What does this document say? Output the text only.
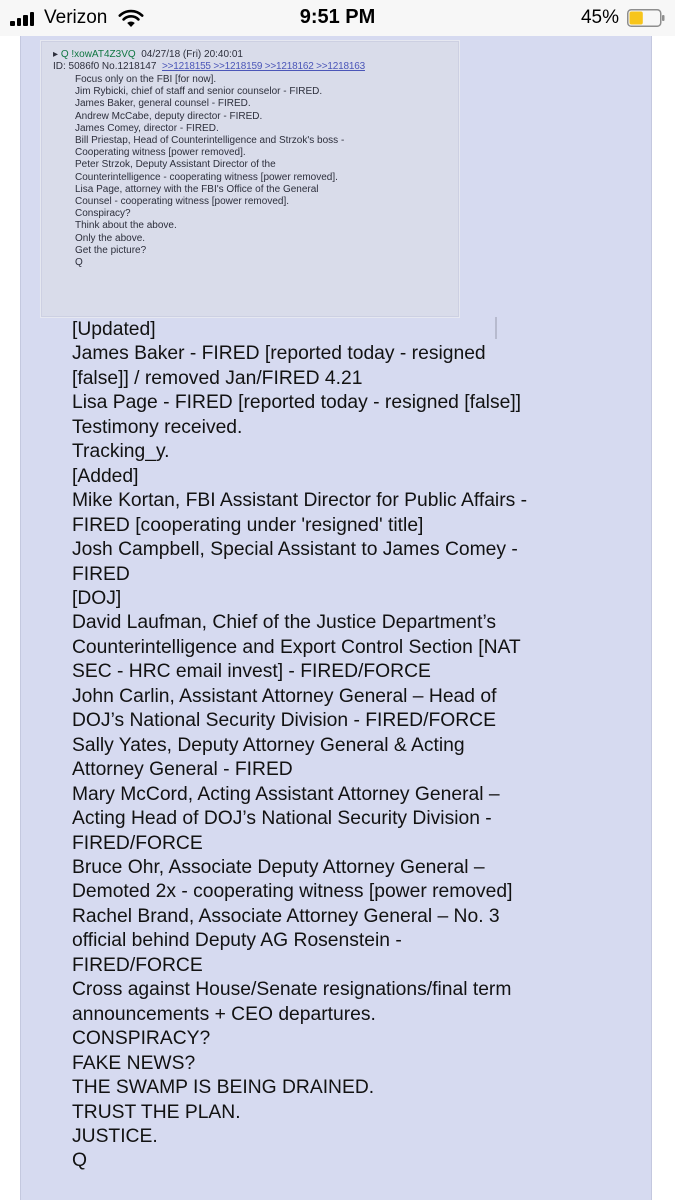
Verizon	9:51 PM	45%
▸ Q !xowAT4Z3VQ 04/27/18 (Fri) 20:40:01
ID: 5086f0 No.1218147 >>1218155 >>1218159 >>1218162 >>1218163
Focus only on the FBI [for now].
Jim Rybicki, chief of staff and senior counselor - FIRED.
James Baker, general counsel - FIRED.
Andrew McCabe, deputy director - FIRED.
James Comey, director - FIRED.
Bill Priestap, Head of Counterintelligence and Strzok's boss -
Cooperating witness [power removed].
Peter Strzok, Deputy Assistant Director of the
Counterintelligence - cooperating witness [power removed].
Lisa Page, attorney with the FBI's Office of the General
Counsel - cooperating witness [power removed].
Conspiracy?
Think about the above.
Only the above.
Get the picture?
Q
[Updated]
James Baker - FIRED [reported today - resigned
[false]] / removed Jan/FIRED 4.21
Lisa Page - FIRED [reported today - resigned [false]]
Testimony received.
Tracking_y.
[Added]
Mike Kortan, FBI Assistant Director for Public Affairs -
FIRED [cooperating under 'resigned' title]
Josh Campbell, Special Assistant to James Comey -
FIRED
[DOJ]
David Laufman, Chief of the Justice Department’s
Counterintelligence and Export Control Section [NAT
SEC - HRC email invest] - FIRED/FORCE
John Carlin, Assistant Attorney General – Head of
DOJ’s National Security Division - FIRED/FORCE
Sally Yates, Deputy Attorney General & Acting
Attorney General - FIRED
Mary McCord, Acting Assistant Attorney General –
Acting Head of DOJ’s National Security Division -
FIRED/FORCE
Bruce Ohr, Associate Deputy Attorney General –
Demoted 2x - cooperating witness [power removed]
Rachel Brand, Associate Attorney General – No. 3
official behind Deputy AG Rosenstein -
FIRED/FORCE
Cross against House/Senate resignations/final term
announcements + CEO departures.
CONSPIRACY?
FAKE NEWS?
THE SWAMP IS BEING DRAINED.
TRUST THE PLAN.
JUSTICE.
Q
